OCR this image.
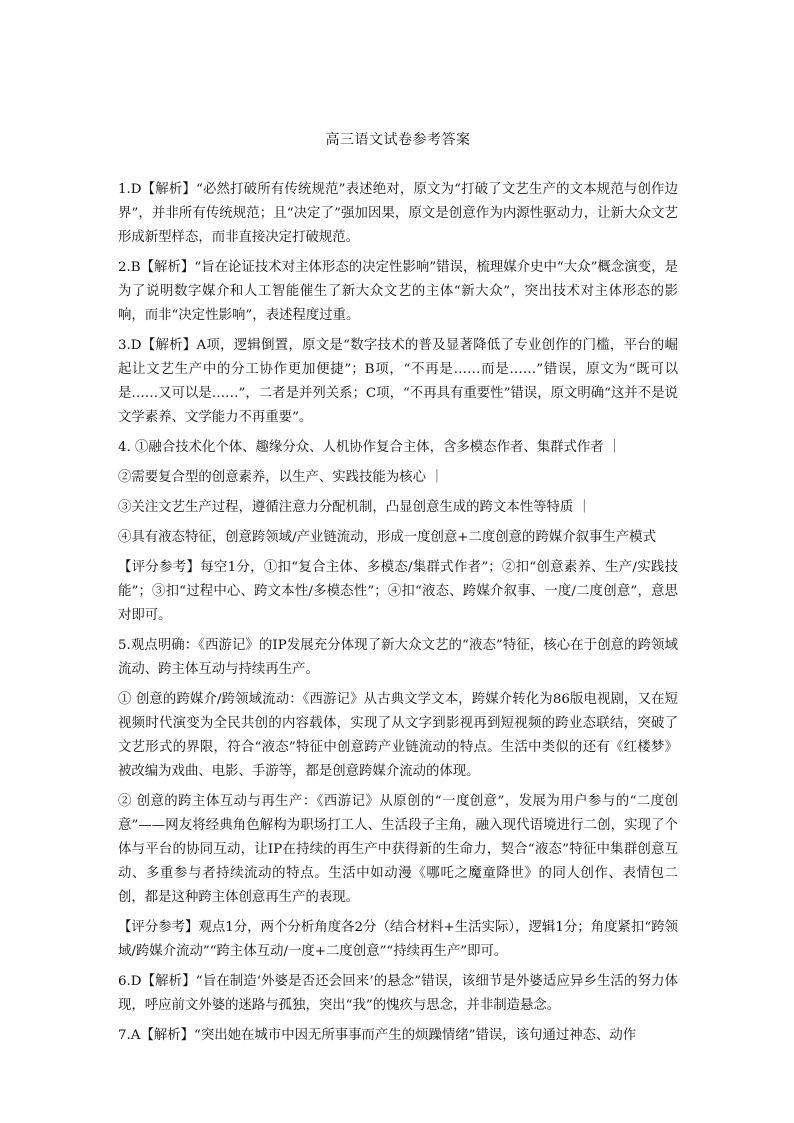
高三语文试卷参考答案

1.D【解析】“必然打破所有传统规范”表述绝对，原文为“打破了文艺生产的文本规范与创作边界”，并非所有传统规范；且“决定了”强加因果，原文是创意作为内源性驱动力，让新大众文艺形成新型样态，而非直接决定打破规范。

2.B【解析】“旨在论证技术对主体形态的决定性影响”错误，梳理媒介史中“大众”概念演变，是为了说明数字媒介和人工智能催生了新大众文艺的主体“新大众”，突出技术对主体形态的影响，而非“决定性影响”，表述程度过重。

3.D【解析】A项，逻辑倒置，原文是“数字技术的普及显著降低了专业创作的门槛，平台的崛起让文艺生产中的分工协作更加便捷”；B项，“不再是……而是……”错误，原文为“既可以是……又可以是……”，二者是并列关系；C项，“不再具有重要性”错误，原文明确“这并不是说文学素养、文学能力不再重要”。

4. ①融合技术化个体、趣缘分众、人机协作复合主体，含多模态作者、集群式作者 ｜

②需要复合型的创意素养，以生产、实践技能为核心 ｜

③关注文艺生产过程，遵循注意力分配机制，凸显创意生成的跨文本性等特质 ｜

④具有液态特征，创意跨领域/产业链流动，形成一度创意+二度创意的跨媒介叙事生产模式

【评分参考】每空1分，①扣“复合主体、多模态/集群式作者”；②扣“创意素养、生产/实践技能”；③扣“过程中心、跨文本性/多模态性”；④扣“液态、跨媒介叙事、一度/二度创意”，意思对即可。

5.观点明确：《西游记》的IP发展充分体现了新大众文艺的“液态”特征，核心在于创意的跨领域流动、跨主体互动与持续再生产。

① 创意的跨媒介/跨领域流动：《西游记》从古典文学文本，跨媒介转化为86版电视剧，又在短视频时代演变为全民共创的内容载体，实现了从文字到影视再到短视频的跨业态联结，突破了文艺形式的界限，符合“液态”特征中创意跨产业链流动的特点。生活中类似的还有《红楼梦》被改编为戏曲、电影、手游等，都是创意跨媒介流动的体现。

② 创意的跨主体互动与再生产：《西游记》从原创的“一度创意”，发展为用户参与的“二度创意”——网友将经典角色解构为职场打工人、生活段子主角，融入现代语境进行二创，实现了个体与平台的协同互动，让IP在持续的再生产中获得新的生命力，契合“液态”特征中集群创意互动、多重参与者持续流动的特点。生活中如动漫《哪吒之魔童降世》的同人创作、表情包二创，都是这种跨主体创意再生产的表现。

【评分参考】观点1分，两个分析角度各2分（结合材料+生活实际），逻辑1分；角度紧扣“跨领域/跨媒介流动”“跨主体互动/一度+二度创意”“持续再生产”即可。

6.D【解析】“旨在制造‘外婆是否还会回来’的悬念”错误，该细节是外婆适应异乡生活的努力体现，呼应前文外婆的迷路与孤独，突出“我”的愧疚与思念，并非制造悬念。

7.A【解析】“突出她在城市中因无所事事而产生的烦躁情绪”错误，该句通过神态、动作
